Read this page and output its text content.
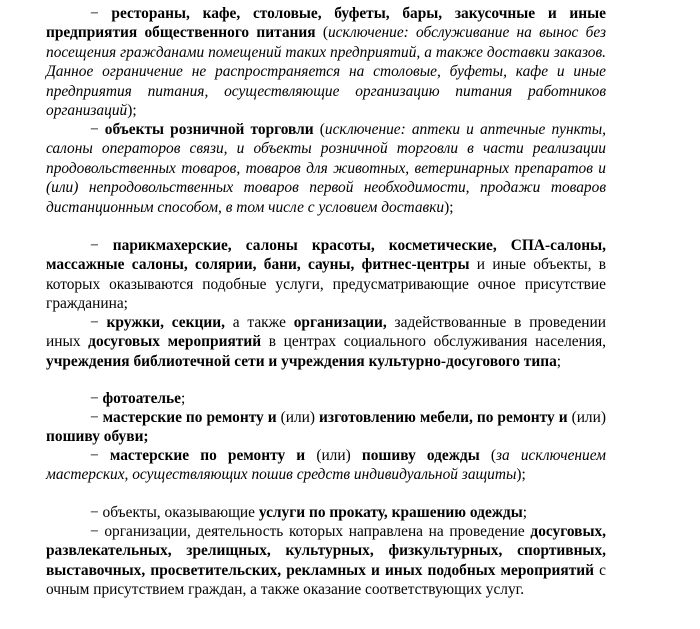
− рестораны, кафе, столовые, буфеты, бары, закусочные и иные предприятия общественного питания (исключение: обслуживание на вынос без посещения гражданами помещений таких предприятий, а также доставки заказов. Данное ограничение не распространяется на столовые, буфеты, кафе и иные предприятия питания, осуществляющие организацию питания работников организаций);

− объекты розничной торговли (исключение: аптеки и аптечные пункты, салоны операторов связи, и объекты розничной торговли в части реализации продовольственных товаров, товаров для животных, ветеринарных препаратов и (или) непродовольственных товаров первой необходимости, продажи товаров дистанционным способом, в том числе с условием доставки);

− парикмахерские, салоны красоты, косметические, СПА-салоны, массажные салоны, солярии, бани, сауны, фитнес-центры и иные объекты, в которых оказываются подобные услуги, предусматривающие очное присутствие гражданина;

− кружки, секции, а также организации, задействованные в проведении иных досуговых мероприятий в центрах социального обслуживания населения, учреждения библиотечной сети и учреждения культурно-досугового типа;

− фотоателье;

− мастерские по ремонту и (или) изготовлению мебели, по ремонту и (или) пошиву обуви;

− мастерские по ремонту и (или) пошиву одежды (за исключением мастерских, осуществляющих пошив средств индивидуальной защиты);

− объекты, оказывающие услуги по прокату, крашению одежды;

− организации, деятельность которых направлена на проведение досуговых, развлекательных, зрелищных, культурных, физкультурных, спортивных, выставочных, просветительских, рекламных и иных подобных мероприятий с очным присутствием граждан, а также оказание соответствующих услуг.
